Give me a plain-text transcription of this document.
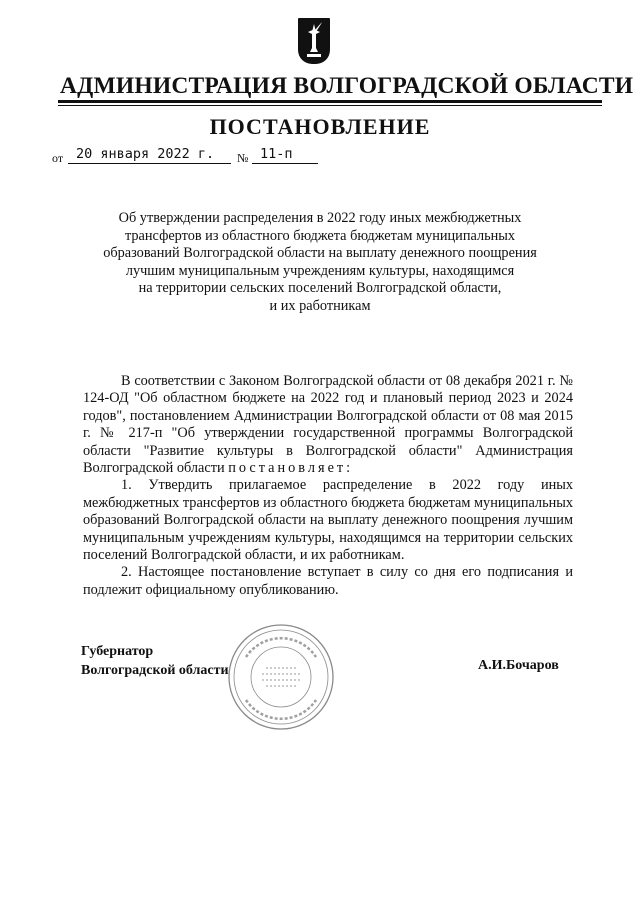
АДМИНИСТРАЦИЯ ВОЛГОГРАДСКОЙ ОБЛАСТИ
ПОСТАНОВЛЕНИЕ
от 20 января 2022 г.	№ 11-п
Об утверждении распределения в 2022 году иных межбюджетных
трансфертов из областного бюджета бюджетам муниципальных
образований Волгоградской области на выплату денежного поощрения
лучшим муниципальным учреждениям культуры, находящимся
на территории сельских поселений Волгоградской области,
и их работникам

В соответствии с Законом Волгоградской области от 08 декабря 2021 г. № 124-ОД "Об областном бюджете на 2022 год и плановый период 2023 и 2024 годов", постановлением Администрации Волгоградской области от 08 мая 2015 г. № 217-п "Об утверждении государственной программы Волгоградской области "Развитие культуры в Волгоградской области" Администрация Волгоградской области постановляет:

1. Утвердить прилагаемое распределение в 2022 году иных межбюджетных трансфертов из областного бюджета бюджетам муниципальных образований Волгоградской области на выплату денежного поощрения лучшим муниципальным учреждениям культуры, находящимся на территории сельских поселений Волгоградской области, и их работникам.

2. Настоящее постановление вступает в силу со дня его подписания и подлежит официальному опубликованию.

Губернатор
Волгоградской области	А.И.Бочаров
